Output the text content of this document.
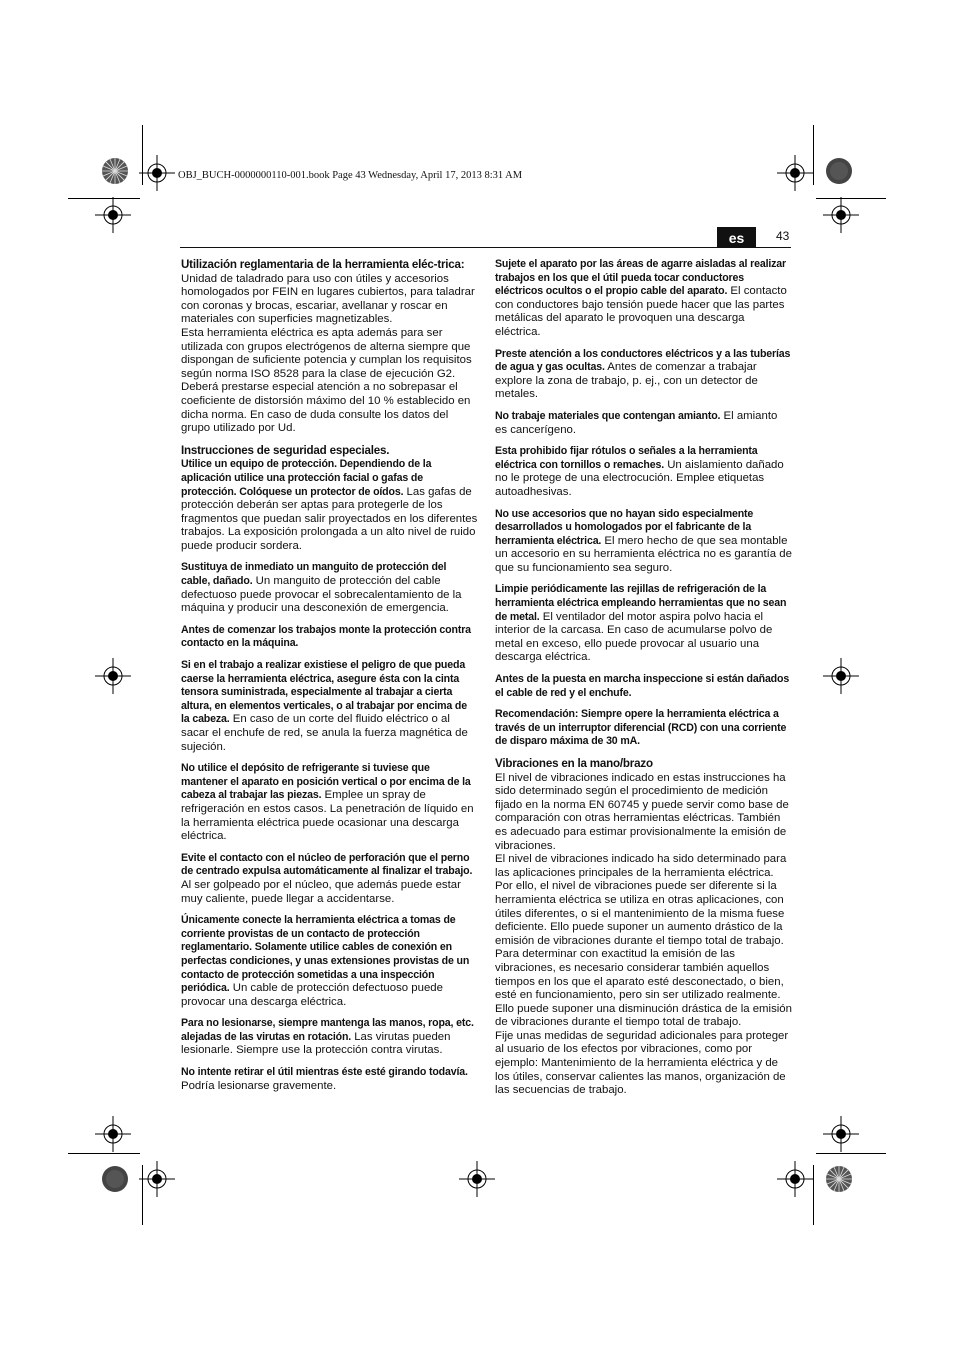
OBJ_BUCH-0000000110-001.book Page 43 Wednesday, April 17, 2013 8:31 AM
es	43
Utilización reglamentaria de la herramienta eléc-trica:
Unidad de taladrado para uso con útiles y accesorios homologados por FEIN en lugares cubiertos, para taladrar con coronas y brocas, escariar, avellanar y roscar en materiales con superficies magnetizables.
Esta herramienta eléctrica es apta además para ser utilizada con grupos electrógenos de alterna siempre que dispongan de suficiente potencia y cumplan los requisitos según norma ISO 8528 para la clase de ejecución G2. Deberá prestarse especial atención a no sobrepasar el coeficiente de distorsión máximo del 10 % establecido en dicha norma. En caso de duda consulte los datos del grupo utilizado por Ud.
Instrucciones de seguridad especiales.
Utilice un equipo de protección. Dependiendo de la aplicación utilice una protección facial o gafas de protección. Colóquese un protector de oídos. Las gafas de protección deberán ser aptas para protegerle de los fragmentos que puedan salir proyectados en los diferentes trabajos. La exposición prolongada a un alto nivel de ruido puede producir sordera.
Sustituya de inmediato un manguito de protección del cable, dañado. Un manguito de protección del cable defectuoso puede provocar el sobrecalentamiento de la máquina y producir una desconexión de emergencia.
Antes de comenzar los trabajos monte la protección contra contacto en la máquina.
Si en el trabajo a realizar existiese el peligro de que pueda caerse la herramienta eléctrica, asegure ésta con la cinta tensora suministrada, especialmente al trabajar a cierta altura, en elementos verticales, o al trabajar por encima de la cabeza. En caso de un corte del fluido eléctrico o al sacar el enchufe de red, se anula la fuerza magnética de sujeción.
No utilice el depósito de refrigerante si tuviese que mantener el aparato en posición vertical o por encima de la cabeza al trabajar las piezas. Emplee un spray de refrigeración en estos casos. La penetración de líquido en la herramienta eléctrica puede ocasionar una descarga eléctrica.
Evite el contacto con el núcleo de perforación que el perno de centrado expulsa automáticamente al finalizar el trabajo. Al ser golpeado por el núcleo, que además puede estar muy caliente, puede llegar a accidentarse.
Únicamente conecte la herramienta eléctrica a tomas de corriente provistas de un contacto de protección reglamentario. Solamente utilice cables de conexión en perfectas condiciones, y unas extensiones provistas de un contacto de protección sometidas a una inspección periódica. Un cable de protección defectuoso puede provocar una descarga eléctrica.
Para no lesionarse, siempre mantenga las manos, ropa, etc. alejadas de las virutas en rotación. Las virutas pueden lesionarle. Siempre use la protección contra virutas.
No intente retirar el útil mientras éste esté girando todavía. Podría lesionarse gravemente.
Sujete el aparato por las áreas de agarre aisladas al realizar trabajos en los que el útil pueda tocar conductores eléctricos ocultos o el propio cable del aparato. El contacto con conductores bajo tensión puede hacer que las partes metálicas del aparato le provoquen una descarga eléctrica.
Preste atención a los conductores eléctricos y a las tuberías de agua y gas ocultas. Antes de comenzar a trabajar explore la zona de trabajo, p. ej., con un detector de metales.
No trabaje materiales que contengan amianto. El amianto es cancerígeno.
Esta prohibido fijar rótulos o señales a la herramienta eléctrica con tornillos o remaches. Un aislamiento dañado no le protege de una electrocución. Emplee etiquetas autoadhesivas.
No use accesorios que no hayan sido especialmente desarrollados u homologados por el fabricante de la herramienta eléctrica. El mero hecho de que sea montable un accesorio en su herramienta eléctrica no es garantía de que su funcionamiento sea seguro.
Limpie periódicamente las rejillas de refrigeración de la herramienta eléctrica empleando herramientas que no sean de metal. El ventilador del motor aspira polvo hacia el interior de la carcasa. En caso de acumularse polvo de metal en exceso, ello puede provocar al usuario una descarga eléctrica.
Antes de la puesta en marcha inspeccione si están dañados el cable de red y el enchufe.
Recomendación: Siempre opere la herramienta eléctrica a través de un interruptor diferencial (RCD) con una corriente de disparo máxima de 30 mA.
Vibraciones en la mano/brazo
El nivel de vibraciones indicado en estas instrucciones ha sido determinado según el procedimiento de medición fijado en la norma EN 60745 y puede servir como base de comparación con otras herramientas eléctricas. También es adecuado para estimar provisionalmente la emisión de vibraciones.
El nivel de vibraciones indicado ha sido determinado para las aplicaciones principales de la herramienta eléctrica. Por ello, el nivel de vibraciones puede ser diferente si la herramienta eléctrica se utiliza en otras aplicaciones, con útiles diferentes, o si el mantenimiento de la misma fuese deficiente. Ello puede suponer un aumento drástico de la emisión de vibraciones durante el tiempo total de trabajo.
Para determinar con exactitud la emisión de las vibraciones, es necesario considerar también aquellos tiempos en los que el aparato esté desconectado, o bien, esté en funcionamiento, pero sin ser utilizado realmente. Ello puede suponer una disminución drástica de la emisión de vibraciones durante el tiempo total de trabajo.
Fije unas medidas de seguridad adicionales para proteger al usuario de los efectos por vibraciones, como por ejemplo: Mantenimiento de la herramienta eléctrica y de los útiles, conservar calientes las manos, organización de las secuencias de trabajo.
